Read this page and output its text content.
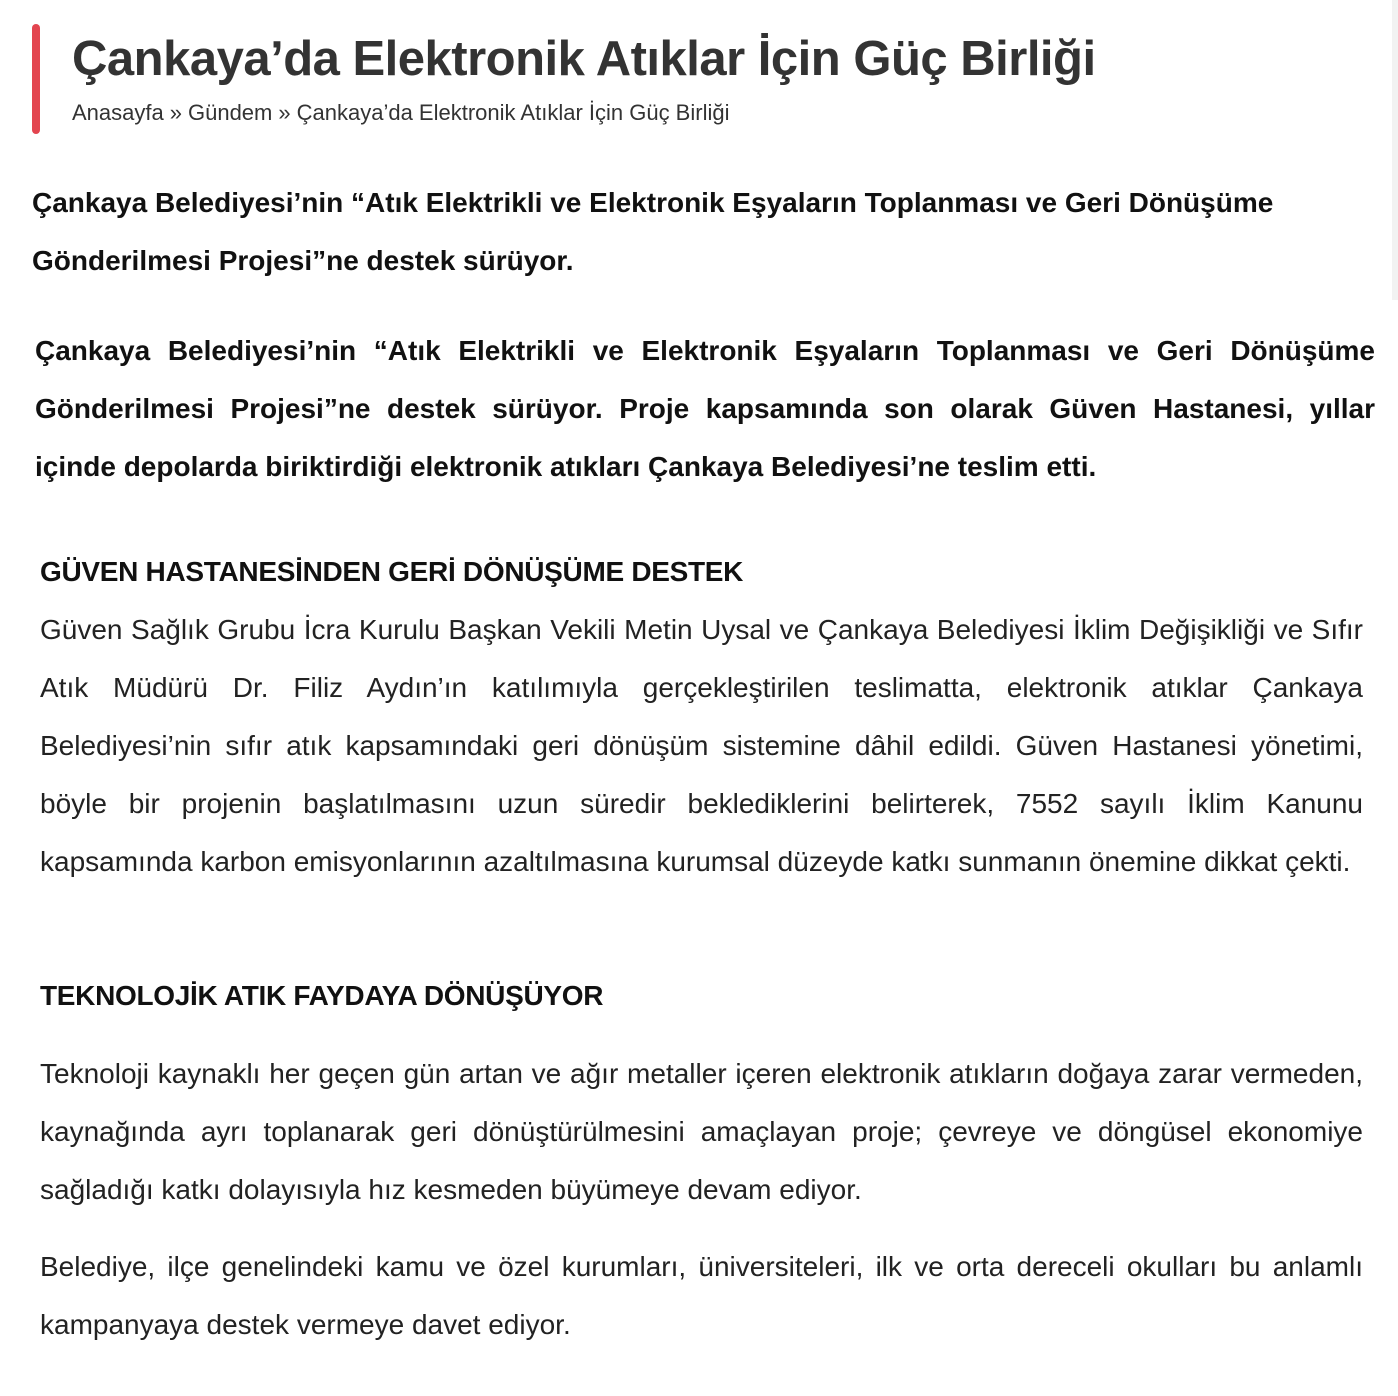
Çankaya’da Elektronik Atıklar İçin Güç Birliği
Anasayfa » Gündem » Çankaya’da Elektronik Atıklar İçin Güç Birliği

Çankaya Belediyesi’nin “Atık Elektrikli ve Elektronik Eşyaların Toplanması ve Geri Dönüşüme Gönderilmesi Projesi”ne destek sürüyor.

Çankaya Belediyesi’nin “Atık Elektrikli ve Elektronik Eşyaların Toplanması ve Geri Dönüşüme Gönderilmesi Projesi”ne destek sürüyor. Proje kapsamında son olarak Güven Hastanesi, yıllar içinde depolarda biriktirdiği elektronik atıkları Çankaya Belediyesi’ne teslim etti.

GÜVEN HASTANESİNDEN GERİ DÖNÜŞÜME DESTEK

Güven Sağlık Grubu İcra Kurulu Başkan Vekili Metin Uysal ve Çankaya Belediyesi İklim Değişikliği ve Sıfır Atık Müdürü Dr. Filiz Aydın’ın katılımıyla gerçekleştirilen teslimatta, elektronik atıklar Çankaya Belediyesi’nin sıfır atık kapsamındaki geri dönüşüm sistemine dâhil edildi. Güven Hastanesi yönetimi, böyle bir projenin başlatılmasını uzun süredir beklediklerini belirterek, 7552 sayılı İklim Kanunu kapsamında karbon emisyonlarının azaltılmasına kurumsal düzeyde katkı sunmanın önemine dikkat çekti.

TEKNOLOJİK ATIK FAYDAYA DÖNÜŞÜYOR

Teknoloji kaynaklı her geçen gün artan ve ağır metaller içeren elektronik atıkların doğaya zarar vermeden, kaynağında ayrı toplanarak geri dönüştürülmesini amaçlayan proje; çevreye ve döngüsel ekonomiye sağladığı katkı dolayısıyla hız kesmeden büyümeye devam ediyor.

Belediye, ilçe genelindeki kamu ve özel kurumları, üniversiteleri, ilk ve orta dereceli okulları bu anlamlı kampanyaya destek vermeye davet ediyor.
